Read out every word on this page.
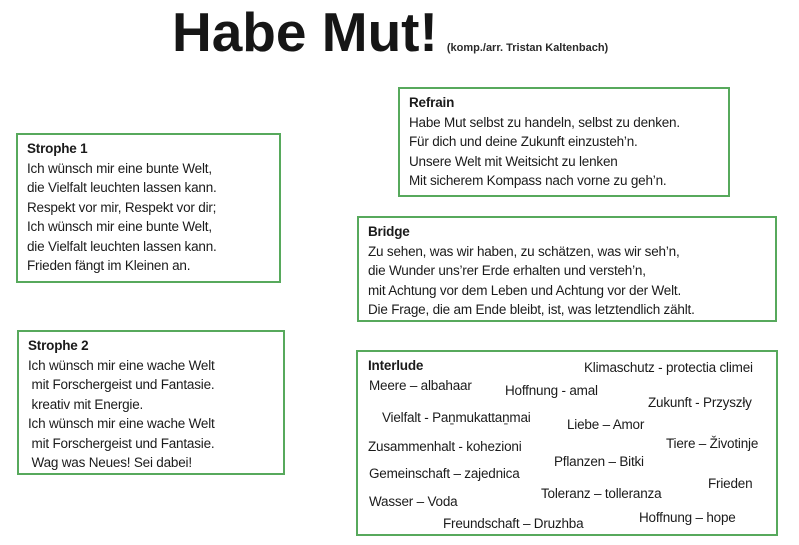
Habe Mut! (komp./arr. Tristan Kaltenbach)
Strophe 1
Ich wünsch mir eine bunte Welt,
die Vielfalt leuchten lassen kann.
Respekt vor mir, Respekt vor dir;
Ich wünsch mir eine bunte Welt,
die Vielfalt leuchten lassen kann.
Frieden fängt im Kleinen an.
Strophe 2
Ich wünsch mir eine wache Welt
mit Forschergeist und Fantasie.
kreativ mit Energie.
Ich wünsch mir eine wache Welt
mit Forschergeist und Fantasie.
Wag was Neues! Sei dabei!
Refrain
Habe Mut selbst zu handeln, selbst zu denken.
Für dich und deine Zukunft einzusteh’n.
Unsere Welt mit Weitsicht zu lenken
Mit sicherem Kompass nach vorne zu geh’n.
Bridge
Zu sehen, was wir haben, zu schätzen, was wir seh’n,
die Wunder uns’rer Erde erhalten und versteh’n,
mit Achtung vor dem Leben und Achtung vor der Welt.
Die Frage, die am Ende bleibt, ist, was letztendlich zählt.
Interlude	Klimaschutz - protectia climei
Meere – albahaar Hoffnung - amal
Zukunft - Przyszły
Vielfalt - Paṉmukattaṉmai	Liebe – Amor
Zusammenhalt - kohezioni	Tiere – Životinje
Pflanzen – Bitki
Gemeinschaft – zajednica
Frieden
Toleranz – tolleranza
Wasser – Voda
Freundschaft – Druzhba	Hoffnung – hope
